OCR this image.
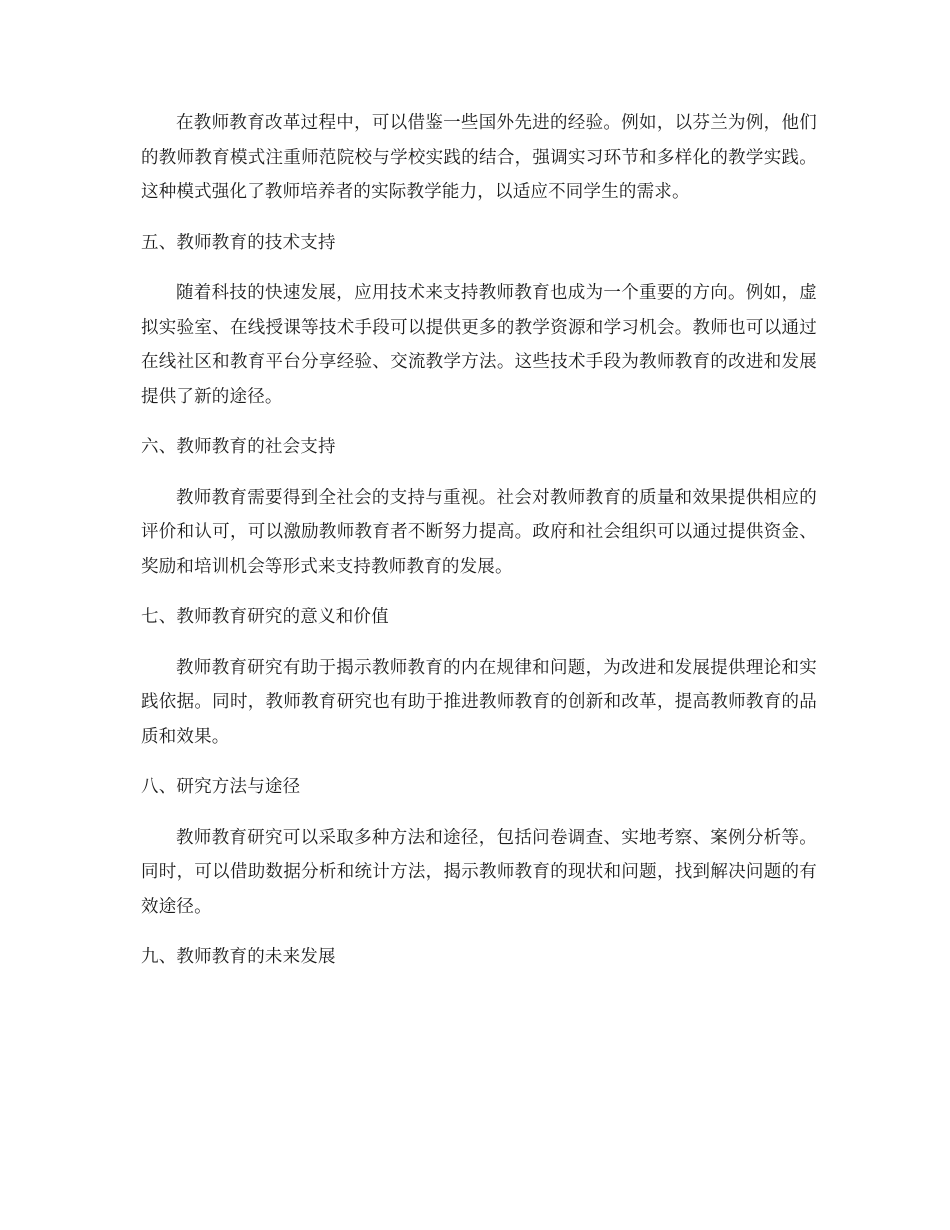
在教师教育改革过程中，可以借鉴一些国外先进的经验。例如，以芬兰为例，他们的教师教育模式注重师范院校与学校实践的结合，强调实习环节和多样化的教学实践。这种模式强化了教师培养者的实际教学能力，以适应不同学生的需求。

五、教师教育的技术支持

随着科技的快速发展，应用技术来支持教师教育也成为一个重要的方向。例如，虚拟实验室、在线授课等技术手段可以提供更多的教学资源和学习机会。教师也可以通过在线社区和教育平台分享经验、交流教学方法。这些技术手段为教师教育的改进和发展提供了新的途径。

六、教师教育的社会支持

教师教育需要得到全社会的支持与重视。社会对教师教育的质量和效果提供相应的评价和认可，可以激励教师教育者不断努力提高。政府和社会组织可以通过提供资金、奖励和培训机会等形式来支持教师教育的发展。

七、教师教育研究的意义和价值

教师教育研究有助于揭示教师教育的内在规律和问题，为改进和发展提供理论和实践依据。同时，教师教育研究也有助于推进教师教育的创新和改革，提高教师教育的品质和效果。

八、研究方法与途径

教师教育研究可以采取多种方法和途径，包括问卷调查、实地考察、案例分析等。同时，可以借助数据分析和统计方法，揭示教师教育的现状和问题，找到解决问题的有效途径。

九、教师教育的未来发展
